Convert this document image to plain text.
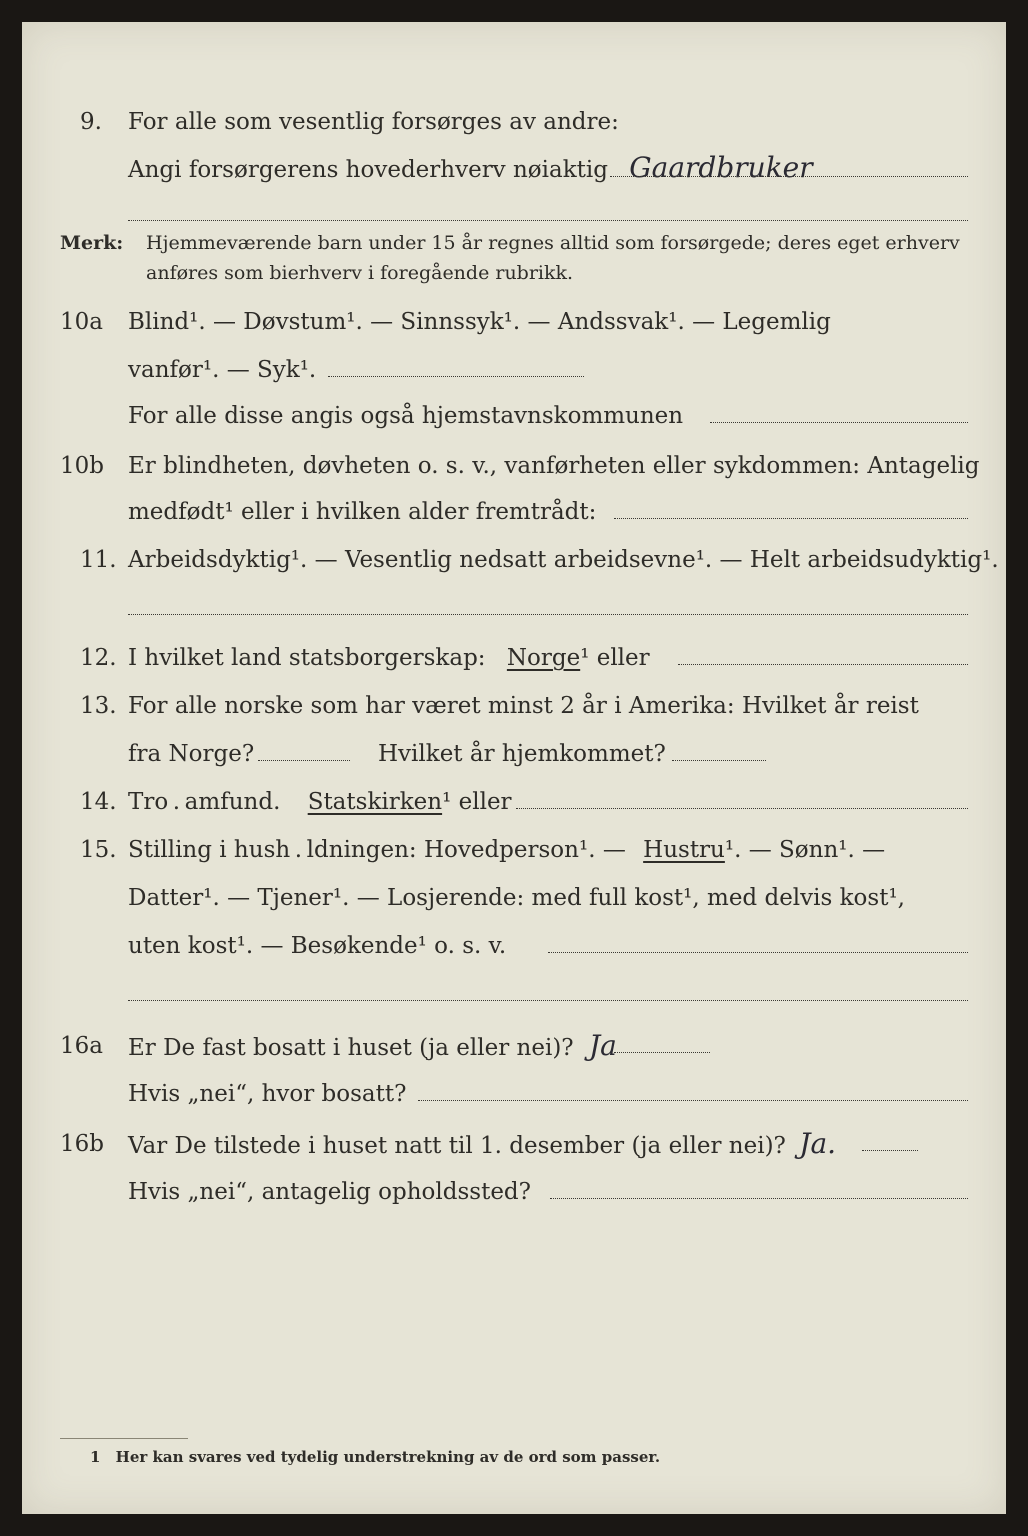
9. For alle som vesentlig forsørges av andre:
Angi forsørgerens hovederhverv nøiaktig Gaardbruker
Merk: Hjemmeværende barn under 15 år regnes alltid som forsørgede; deres eget erhverv
anføres som bierhverv i foregående rubrikk.
10a Blind¹. — Døvstum¹. — Sinnssyk¹. — Andssvak¹. — Legemlig
vanfør¹. — Syk¹.
For alle disse angis også hjemstavnskommunen
10b Er blindheten, døvheten o. s. v., vanførheten eller sykdommen: Antagelig
medfødt¹ eller i hvilken alder fremtrådt:
11. Arbeidsdyktig¹. — Vesentlig nedsatt arbeidsevne¹. — Helt arbeidsudyktig¹.
12. I hvilket land statsborgerskap: Norge¹ eller
13. For alle norske som har været minst 2 år i Amerika: Hvilket år reist
fra Norge?	Hvilket år hjemkommet?
14. Tro . amfund. Statskirken¹ eller
15. Stilling i hush . ldningen: Hovedperson¹. — Hustru¹. — Sønn¹. —
Datter¹. — Tjener¹. — Losjerende: med full kost¹, med delvis kost¹,
uten kost¹. — Besøkende¹ o. s. v.
16a Er De fast bosatt i huset (ja eller nei)? Ja
Hvis „nei“, hvor bosatt?
16b Var De tilstede i huset natt til 1. desember (ja eller nei)? Ja.
Hvis „nei“, antagelig opholdssted?
1 Her kan svares ved tydelig understrekning av de ord som passer.
